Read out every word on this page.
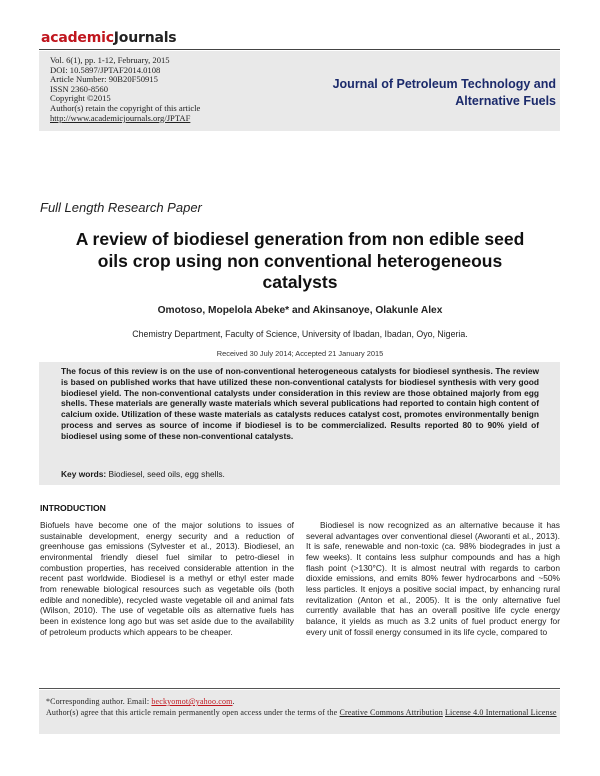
academicJournals
Vol. 6(1), pp. 1-12, February, 2015
DOI: 10.5897/JPTAF2014.0108
Article Number: 90B20F50915
ISSN 2360-8560
Copyright ©2015
Author(s) retain the copyright of this article
http://www.academicjournals.org/JPTAF
Journal of Petroleum Technology and
Alternative Fuels
Full Length Research Paper
A review of biodiesel generation from non edible seed oils crop using non conventional heterogeneous catalysts
Omotoso, Mopelola Abeke* and Akinsanoye, Olakunle Alex
Chemistry Department, Faculty of Science, University of Ibadan, Ibadan, Oyo, Nigeria.
Received 30 July 2014; Accepted 21 January 2015
The focus of this review is on the use of non-conventional heterogeneous catalysts for biodiesel synthesis. The review is based on published works that have utilized these non-conventional catalysts for biodiesel synthesis with very good biodiesel yield. The non-conventional catalysts under consideration in this review are those obtained majorly from egg shells. These materials are generally waste materials which several publications had reported to contain high content of calcium oxide. Utilization of these waste materials as catalysts reduces catalyst cost, promotes environmentally benign process and serves as source of income if biodiesel is to be commercialized. Results reported 80 to 90% yield of biodiesel using some of these non-conventional catalysts.
Key words: Biodiesel, seed oils, egg shells.
INTRODUCTION

Biofuels have become one of the major solutions to issues of sustainable development, energy security and a reduction of greenhouse gas emissions (Sylvester et al., 2013). Biodiesel, an environmental friendly diesel fuel similar to petro-diesel in combustion properties, has received considerable attention in the recent past worldwide. Biodiesel is a methyl or ethyl ester made from renewable biological resources such as vegetable oils (both edible and nonedible), recycled waste vegetable oil and animal fats (Wilson, 2010). The use of vegetable oils as alternative fuels has been in existence long ago but was set aside due to the availability of petroleum products which appears to be cheaper.

Biodiesel is now recognized as an alternative because it has several advantages over conventional diesel (Aworanti et al., 2013). It is safe, renewable and non-toxic (ca. 98% biodegrades in just a few weeks). It contains less sulphur compounds and has a high flash point (>130°C). It is almost neutral with regards to carbon dioxide emissions, and emits 80% fewer hydrocarbons and ~50% less particles. It enjoys a positive social impact, by enhancing rural revitalization (Anton et al., 2005). It is the only alternative fuel currently available that has an overall positive life cycle energy balance, it yields as much as 3.2 units of fuel product energy for every unit of fossil energy consumed in its life cycle, compared to

*Corresponding author. Email: beckyomot@yahoo.com.
Author(s) agree that this article remain permanently open access under the terms of the Creative Commons Attribution License 4.0 International License
